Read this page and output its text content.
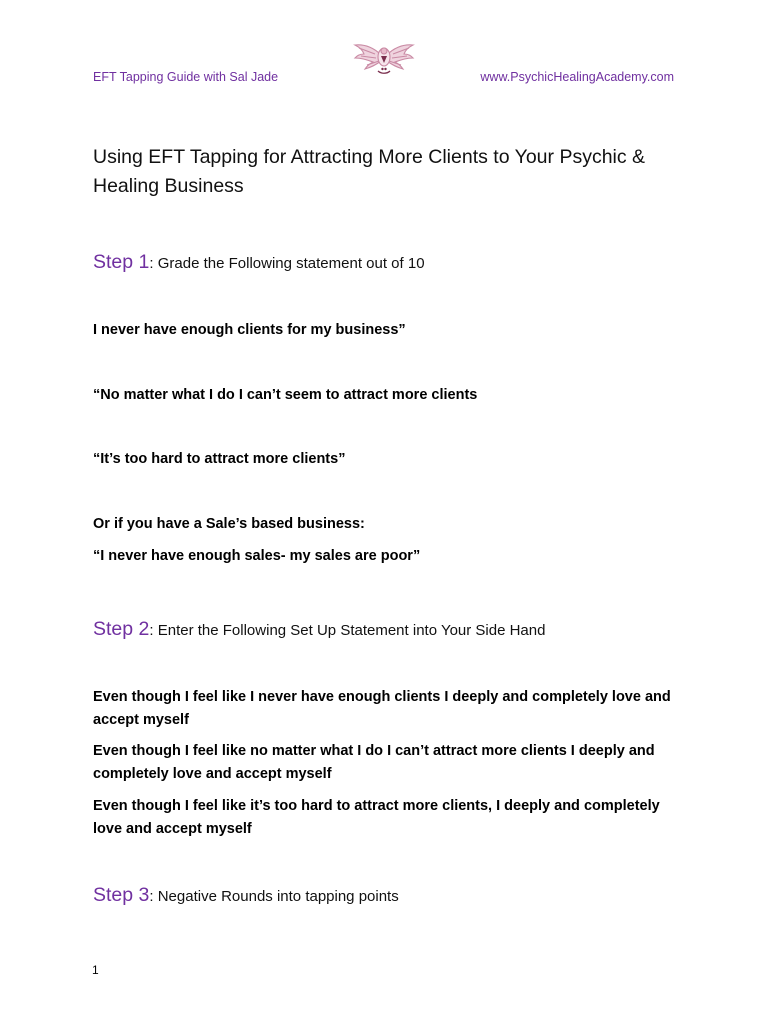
EFT Tapping Guide with Sal Jade	www.PsychicHealingAcademy.com
Using EFT Tapping for Attracting More Clients to Your Psychic & Healing Business
Step 1: Grade the Following statement out of 10
I never have enough clients for my business”
“No matter what I do I can’t seem to attract more clients
“It’s too hard to attract more clients”
Or if you have a Sale’s based business:
“I never have enough sales- my sales are poor”
Step 2: Enter the Following Set Up Statement into Your Side Hand
Even though I feel like I never have enough clients I deeply and completely love and accept myself
Even though I feel like no matter what I do I can’t attract more clients I deeply and completely love and accept myself
Even though I feel like it’s too hard to attract more clients, I deeply and completely love and accept myself
Step 3: Negative Rounds into tapping points
1
